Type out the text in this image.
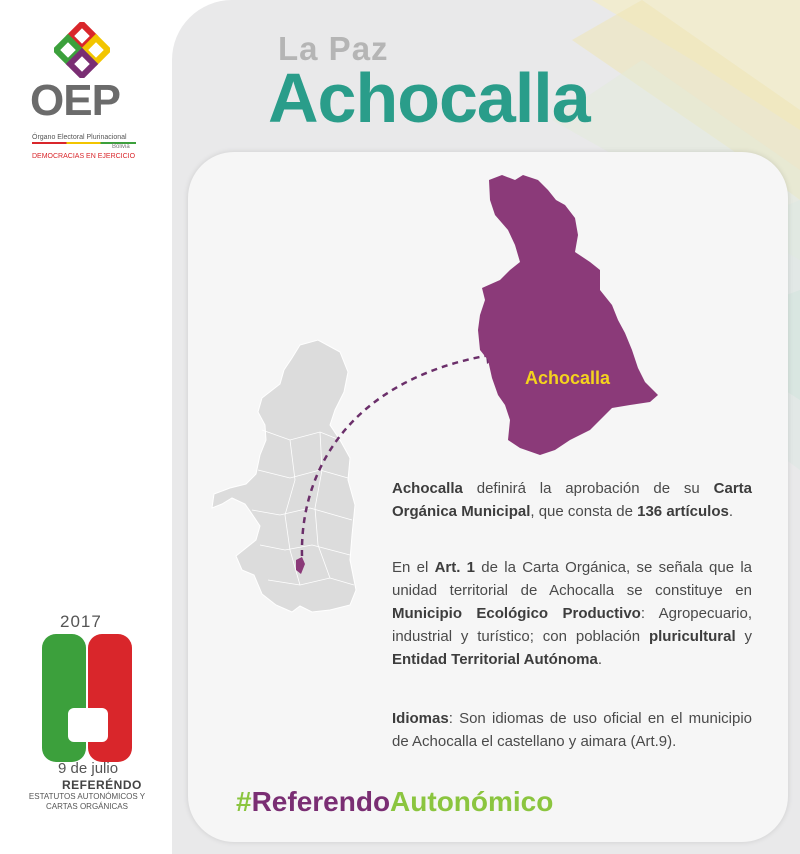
OEP
Órgano Electoral Plurinacional
Bolivia
DEMOCRACIAS EN EJERCICIO
2017
9 de julio
REFERÉNDO
ESTATUTOS AUTONÓMICOS Y
CARTAS ORGÁNICAS
La Paz
Achocalla
Achocalla
Achocalla definirá la aprobación de su Carta Orgánica Municipal, que consta de 136 artículos.
En el Art. 1 de la Carta Orgánica, se señala que la unidad territorial de Achocalla se constituye en Municipio Ecológico Productivo: Agropecuario, industrial y turístico; con población pluricultural y Entidad Territorial Autónoma.
Idiomas: Son idiomas de uso oficial en el municipio de Achocalla el castellano y aimara (Art.9).
#ReferendoAutonómico
